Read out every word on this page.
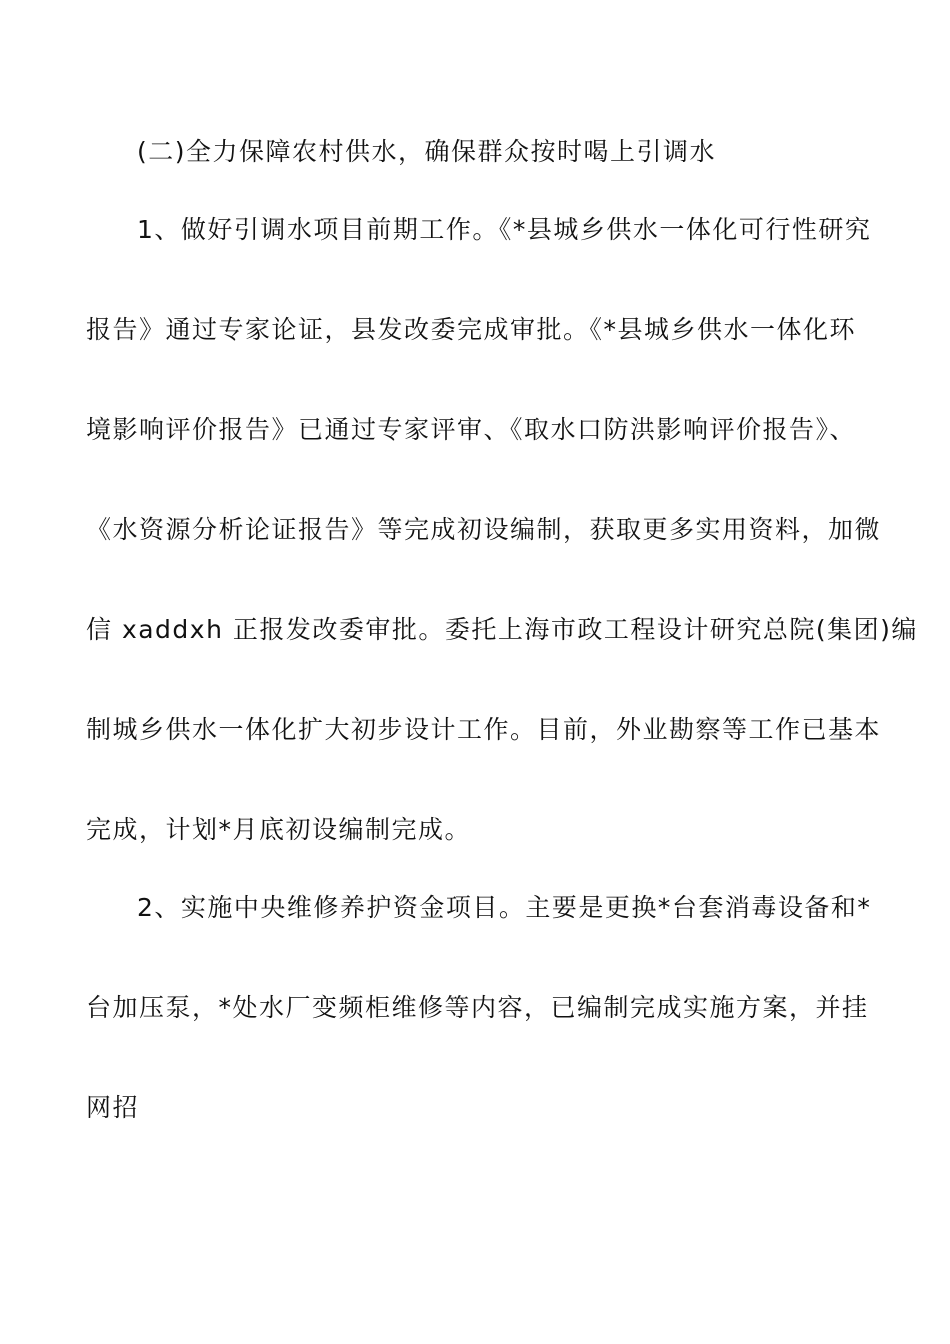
(二)全力保障农村供水，确保群众按时喝上引调水
1、做好引调水项目前期工作。《*县城乡供水一体化可行性研究
报告》通过专家论证，县发改委完成审批。《*县城乡供水一体化环
境影响评价报告》已通过专家评审、《取水口防洪影响评价报告》、
《水资源分析论证报告》等完成初设编制，获取更多实用资料，加微
信 xaddxh 正报发改委审批。委托上海市政工程设计研究总院(集团)编
制城乡供水一体化扩大初步设计工作。目前，外业勘察等工作已基本
完成，计划*月底初设编制完成。
2、实施中央维修养护资金项目。主要是更换*台套消毒设备和*
台加压泵，*处水厂变频柜维修等内容，已编制完成实施方案，并挂
网招
